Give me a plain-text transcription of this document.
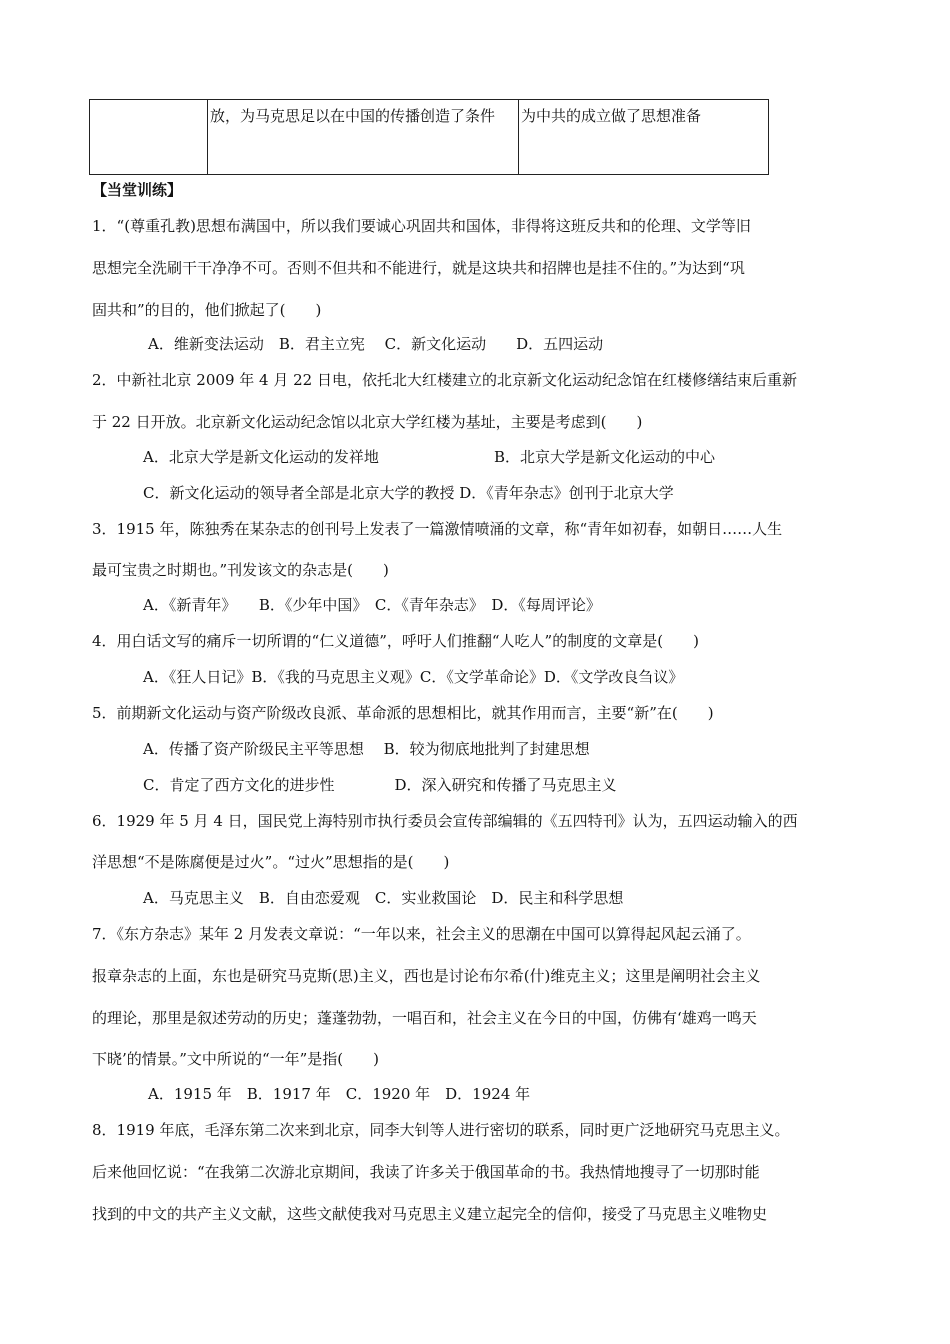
	放，为马克思足以在中国的传播创造了条件	为中共的成立做了思想准备
【当堂训练】
1．“(尊重孔教)思想布满国中，所以我们要诚心巩固共和国体，非得将这班反共和的伦理、文学等旧
思想完全洗刷干干净净不可。否则不但共和不能进行，就是这块共和招牌也是挂不住的。”为达到“巩
固共和”的目的，他们掀起了(　　)
A．维新变法运动　B．君主立宪　 C．新文化运动　　D．五四运动
2．中新社北京 2009 年 4 月 22 日电，依托北大红楼建立的北京新文化运动纪念馆在红楼修缮结束后重新
于 22 日开放。北京新文化运动纪念馆以北京大学红楼为基址，主要是考虑到(　　)
A．北京大学是新文化运动的发祥地	B．北京大学是新文化运动的中心
C．新文化运动的领导者全部是北京大学的教授 D．《青年杂志》创刊于北京大学
3．1915 年，陈独秀在某杂志的创刊号上发表了一篇激情喷涌的文章，称“青年如初春，如朝日……人生
最可宝贵之时期也。”刊发该文的杂志是(　　)
A．《新青年》　　B．《少年中国》　C．《青年杂志》　D．《每周评论》
4．用白话文写的痛斥一切所谓的“仁义道德”，呼吁人们推翻“人吃人”的制度的文章是(　　)
A．《狂人日记》B．《我的马克思主义观》C．《文学革命论》D．《文学改良刍议》
5．前期新文化运动与资产阶级改良派、革命派的思想相比，就其作用而言，主要“新”在(　　)
A．传播了资产阶级民主平等思想　 B．较为彻底地批判了封建思想
C．肯定了西方文化的进步性　　　　D．深入研究和传播了马克思主义
6．1929 年 5 月 4 日，国民党上海特别市执行委员会宣传部编辑的《五四特刊》认为，五四运动输入的西
洋思想“不是陈腐便是过火”。“过火”思想指的是(　　)
A．马克思主义　B．自由恋爱观　C．实业救国论　D．民主和科学思想
7．《东方杂志》某年 2 月发表文章说：“一年以来，社会主义的思潮在中国可以算得起风起云涌了。
报章杂志的上面，东也是研究马克斯(思)主义，西也是讨论布尔希(什)维克主义；这里是阐明社会主义
的理论，那里是叙述劳动的历史；蓬蓬勃勃，一唱百和，社会主义在今日的中国，仿佛有‘雄鸡一鸣天
下晓’的情景。”文中所说的“一年”是指(　　)
A．1915 年　B．1917 年　C．1920 年　D．1924 年
8．1919 年底，毛泽东第二次来到北京，同李大钊等人进行密切的联系，同时更广泛地研究马克思主义。
后来他回忆说：“在我第二次游北京期间，我读了许多关于俄国革命的书。我热情地搜寻了一切那时能
找到的中文的共产主义文献，这些文献使我对马克思主义建立起完全的信仰，接受了马克思主义唯物史
